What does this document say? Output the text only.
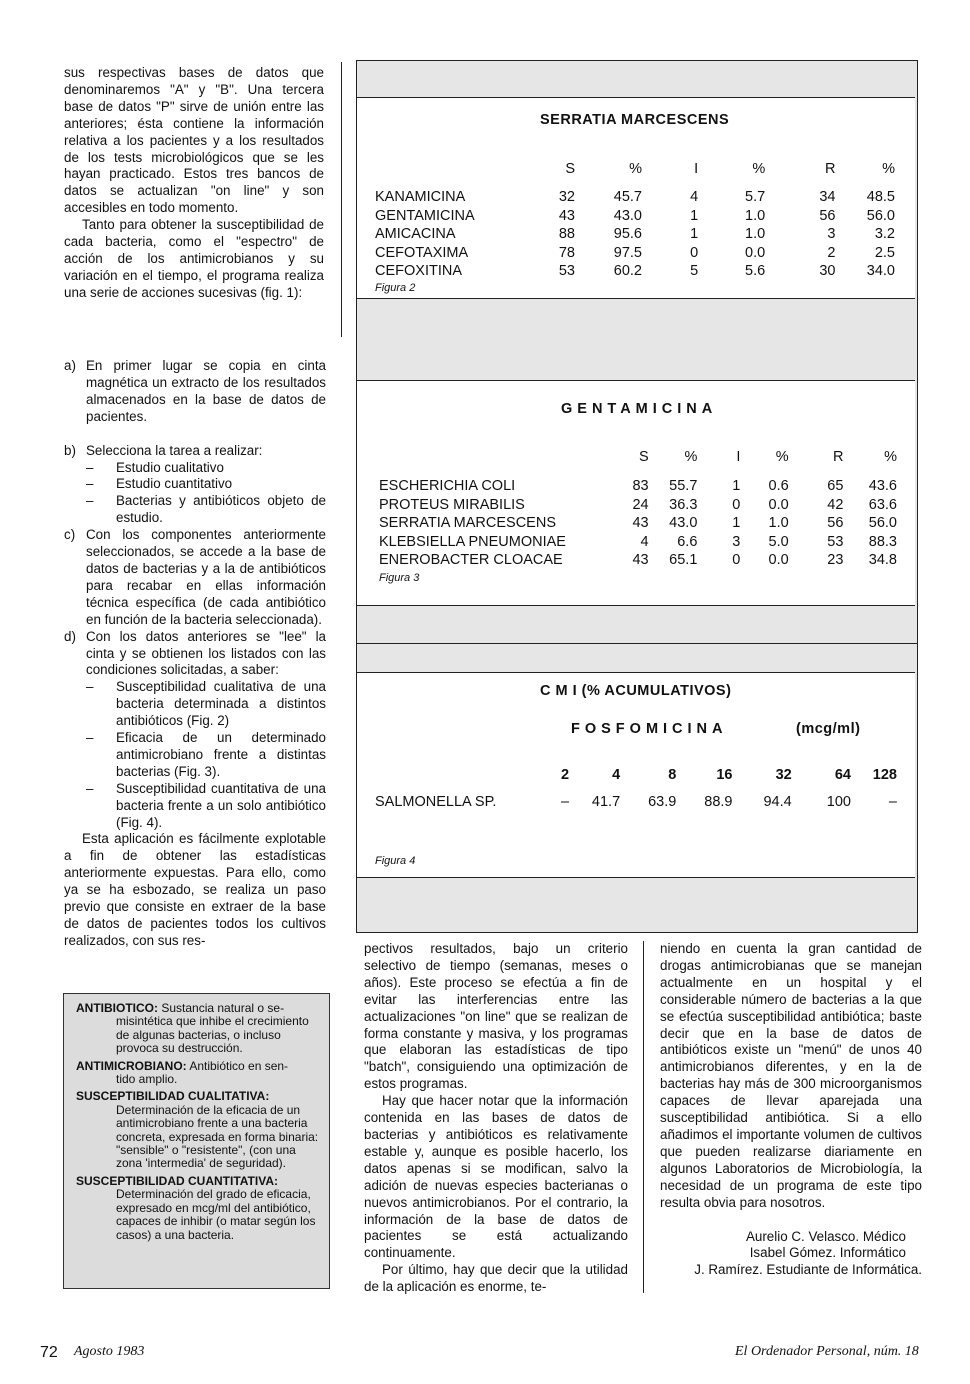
sus respectivas bases de datos que denominaremos "A" y "B". Una tercera base de datos "P" sirve de unión entre las anteriores; ésta contiene la información relativa a los pacientes y a los resultados de los tests microbiológicos que se les hayan practicado. Estos tres bancos de datos se actualizan "on line" y son accesibles en todo momento.

Tanto para obtener la susceptibilidad de cada bacteria, como el "espectro" de acción de los antimicrobianos y su variación en el tiempo, el programa realiza una serie de acciones sucesivas (fig. 1):

a) En primer lugar se copia en cinta magnética un extracto de los resultados almacenados en la base de datos de pacientes.
b) Selecciona la tarea a realizar:
–	Estudio cualitativo
–	Estudio cuantitativo
–	Bacterias y antibióticos objeto de estudio.
c) Con los componentes anteriormente seleccionados, se accede a la base de datos de bacterias y a la de antibióticos para recabar en ellas información técnica específica (de cada antibiótico en función de la bacteria seleccionada).
d) Con los datos anteriores se "lee" la cinta y se obtienen los listados con las condiciones solicitadas, a saber:
–	Susceptibilidad cualitativa de una bacteria determinada a distintos antibióticos (Fig. 2)
–	Eficacia de un determinado antimicrobiano frente a distintas bacterias (Fig. 3).
–	Susceptibilidad cuantitativa de una bacteria frente a un solo antibiótico (Fig. 4).

Esta aplicación es fácilmente explotable a fin de obtener las estadísticas anteriormente expuestas. Para ello, como ya se ha esbozado, se realiza un paso previo que consiste en extraer de la base de datos de pacientes todos los cultivos realizados, con sus res-

ANTIBIOTICO: Sustancia natural o se-
misintética que inhibe el crecimiento de algunas bacterias, o incluso provoca su destrucción.

ANTIMICROBIANO: Antibiótico en sen-
tido amplio.

SUSCEPTIBILIDAD CUALITATIVA:
Determinación de la eficacia de un antimicrobiano frente a una bacteria concreta, expresada en forma binaria: "sensible" o "resistente", (con una zona 'intermedia' de seguridad).

SUSCEPTIBILIDAD CUANTITATIVA:
Determinación del grado de eficacia, expresado en mcg/ml del antibiótico, capaces de inhibir (o matar según los casos) a una bacteria.

SERRATIA MARCESCENS
	S	%	I	%	R	%
KANAMICINA	32	45.7	4	5.7	34	48.5
GENTAMICINA	43	43.0	1	1.0	56	56.0
AMICACINA	88	95.6	1	1.0	3	3.2
CEFOTAXIMA	78	97.5	0	0.0	2	2.5
CEFOXITINA	53	60.2	5	5.6	30	34.0
Figura 2
GENTAMICINA
	S	%	I	%	R	%
ESCHERICHIA COLI	83	55.7	1	0.6	65	43.6
PROTEUS MIRABILIS	24	36.3	0	0.0	42	63.6
SERRATIA MARCESCENS	43	43.0	1	1.0	56	56.0
KLEBSIELLA PNEUMONIAE	4	6.6	3	5.0	53	88.3
ENEROBACTER CLOACAE	43	65.1	0	0.0	23	34.8
Figura 3
C M I (% ACUMULATIVOS)
FOSFOMICINA	(mcg/ml)
	2	4	8	16	32	64	128
SALMONELLA SP.	–	41.7	63.9	88.9	94.4	100	–
Figura 4

pectivos resultados, bajo un criterio selectivo de tiempo (semanas, meses o años). Este proceso se efectúa a fin de evitar las interferencias entre las actualizaciones "on line" que se realizan de forma constante y masiva, y los programas que elaboran las estadísticas de tipo "batch", consiguiendo una optimización de estos programas.

Hay que hacer notar que la información contenida en las bases de datos de bacterias y antibióticos es relativamente estable y, aunque es posible hacerlo, los datos apenas si se modifican, salvo la adición de nuevas especies bacterianas o nuevos antimicrobianos. Por el contrario, la información de la base de datos de pacientes se está actualizando continuamente.

Por último, hay que decir que la utilidad de la aplicación es enorme, te-

niendo en cuenta la gran cantidad de drogas antimicrobianas que se manejan actualmente en un hospital y el considerable número de bacterias a la que se efectúa susceptibilidad antibiótica; baste decir que en la base de datos de antibióticos existe un "menú" de unos 40 antimicrobianos diferentes, y en la de bacterias hay más de 300 microorganismos capaces de llevar aparejada una susceptibilidad antibiótica. Si a ello añadimos el importante volumen de cultivos que pueden realizarse diariamente en algunos Laboratorios de Microbiología, la necesidad de un programa de este tipo resulta obvia para nosotros.

Aurelio C. Velasco. Médico

Isabel Gómez. Informático

J. Ramírez. Estudiante de Informática.

72 Agosto 1983	El Ordenador Personal, núm. 18
